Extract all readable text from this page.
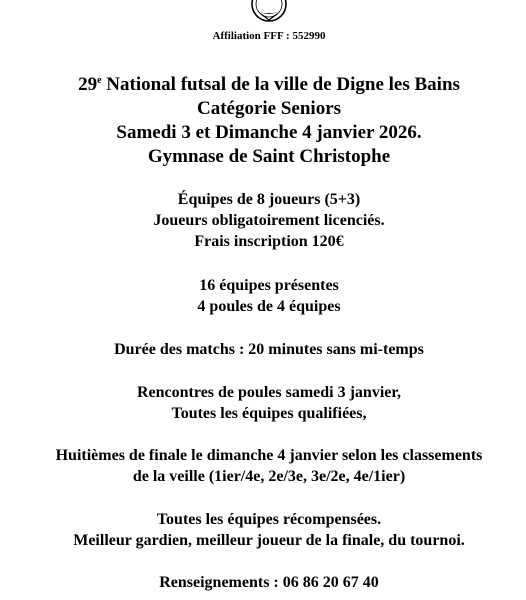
Affiliation FFF : 552990
29e National futsal de la ville de Digne les Bains
Catégorie Seniors
Samedi 3 et Dimanche 4 janvier 2026.
Gymnase de Saint Christophe
Équipes de 8 joueurs (5+3)
Joueurs obligatoirement licenciés.
Frais inscription 120€
16 équipes présentes
4 poules de 4 équipes
Durée des matchs : 20 minutes sans mi-temps
Rencontres de poules samedi 3 janvier,
Toutes les équipes qualifiées,
Huitièmes de finale le dimanche 4 janvier selon les classements
de la veille (1ier/4e, 2e/3e, 3e/2e, 4e/1ier)
Toutes les équipes récompensées.
Meilleur gardien, meilleur joueur de la finale, du tournoi.
Renseignements : 06 86 20 67 40
